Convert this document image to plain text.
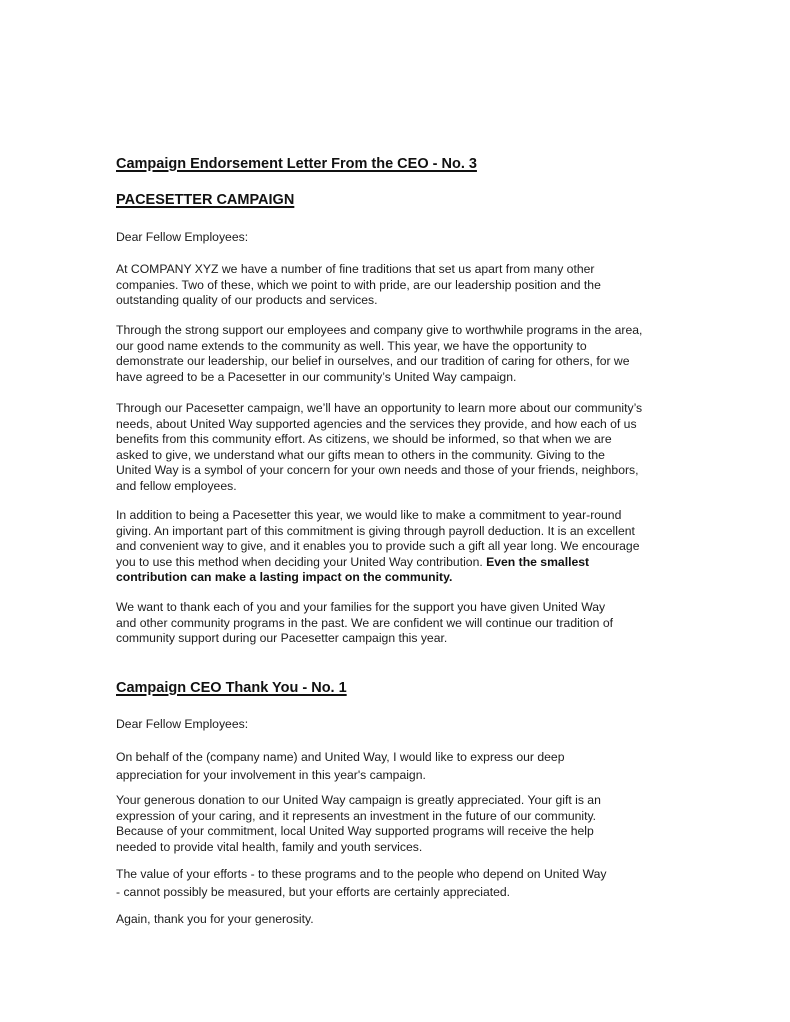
Campaign Endorsement Letter From the CEO - No. 3
PACESETTER CAMPAIGN
Dear Fellow Employees:
At COMPANY XYZ we have a number of fine traditions that set us apart from many other
companies. Two of these, which we point to with pride, are our leadership position and the
outstanding quality of our products and services.
Through the strong support our employees and company give to worthwhile programs in the area,
our good name extends to the community as well. This year, we have the opportunity to
demonstrate our leadership, our belief in ourselves, and our tradition of caring for others, for we
have agreed to be a Pacesetter in our community’s United Way campaign.
Through our Pacesetter campaign, we’ll have an opportunity to learn more about our community’s
needs, about United Way supported agencies and the services they provide, and how each of us
benefits from this community effort. As citizens, we should be informed, so that when we are
asked to give, we understand what our gifts mean to others in the community. Giving to the
United Way is a symbol of your concern for your own needs and those of your friends, neighbors,
and fellow employees.
In addition to being a Pacesetter this year, we would like to make a commitment to year-round
giving. An important part of this commitment is giving through payroll deduction. It is an excellent
and convenient way to give, and it enables you to provide such a gift all year long. We encourage
you to use this method when deciding your United Way contribution. Even the smallest
contribution can make a lasting impact on the community.
We want to thank each of you and your families for the support you have given United Way
and other community programs in the past. We are confident we will continue our tradition of
community support during our Pacesetter campaign this year.
Campaign CEO Thank You - No. 1
Dear Fellow Employees:
On behalf of the (company name) and United Way, I would like to express our deep
appreciation for your involvement in this year's campaign.
Your generous donation to our United Way campaign is greatly appreciated. Your gift is an
expression of your caring, and it represents an investment in the future of our community.
Because of your commitment, local United Way supported programs will receive the help
needed to provide vital health, family and youth services.
The value of your efforts - to these programs and to the people who depend on United Way
- cannot possibly be measured, but your efforts are certainly appreciated.
Again, thank you for your generosity.
